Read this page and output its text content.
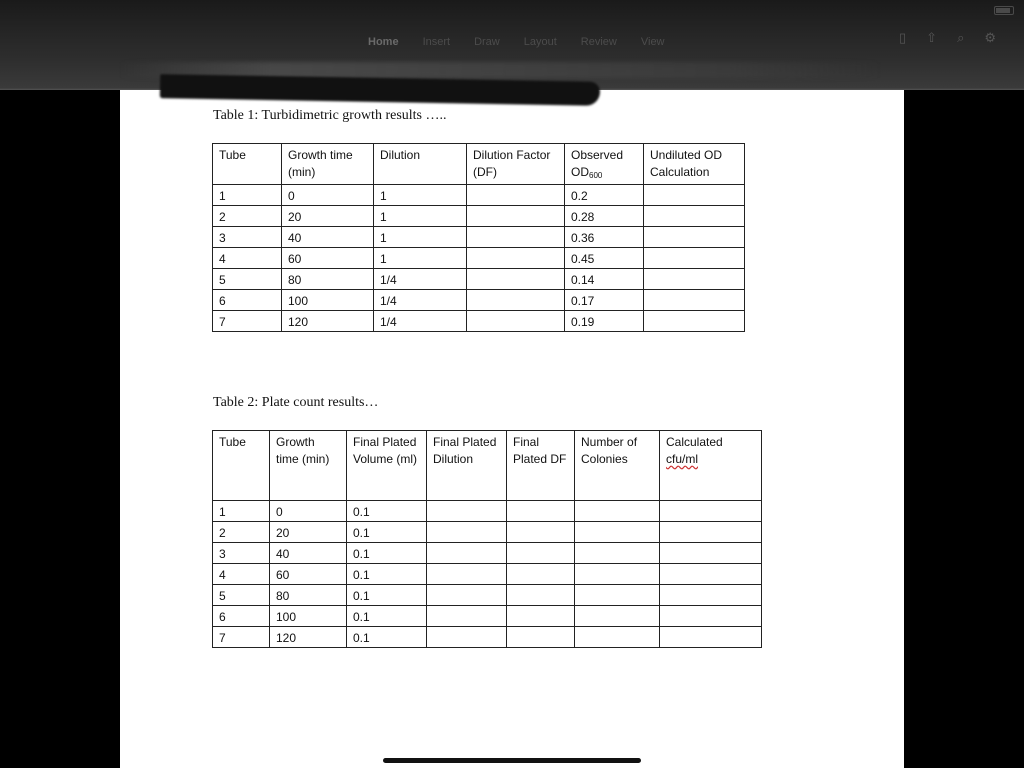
Home Insert Draw Layout Review View	▯ ⇧ ⌕ ⚙
Table 1: Turbidimetric growth results …..
Tube	Growth time (min)	Dilution	Dilution Factor (DF)	Observed $OD_{600}$	Undiluted OD Calculation
1	0	1		0.2	
2	20	1		0.28	
3	40	1		0.36	
4	60	1		0.45	
5	80	1/4		0.14	
6	100	1/4		0.17	
7	120	1/4		0.19	
Table 2: Plate count results…
Tube	Growth time (min)	Final Plated Volume (ml)	Final Plated Dilution	Final Plated DF	Number of Colonies	Calculated
cfu/ml
1	0	0.1				
2	20	0.1				
3	40	0.1				
4	60	0.1				
5	80	0.1				
6	100	0.1				
7	120	0.1				
